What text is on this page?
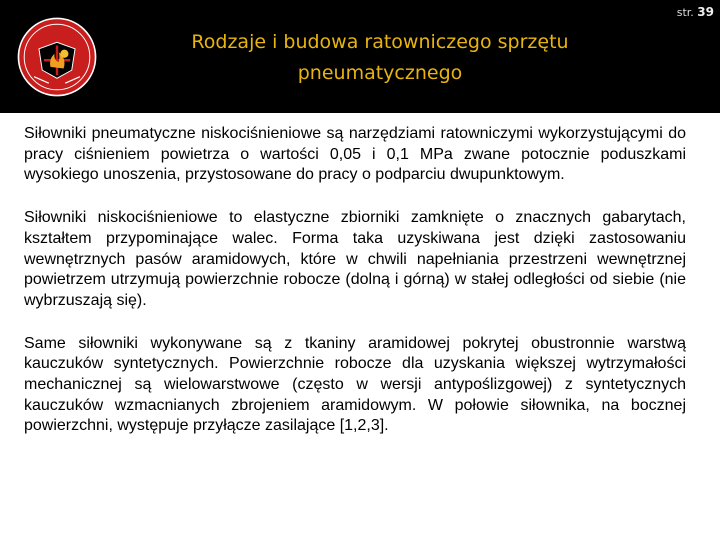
Rodzaje i budowa ratowniczego sprzętu
pneumatycznego
str. 39

Siłowniki pneumatyczne niskociśnieniowe są narzędziami ratowniczymi wykorzystującymi do pracy ciśnieniem powietrza o wartości 0,05 i 0,1 MPa zwane potocznie poduszkami wysokiego unoszenia, przystosowane do pracy o podparciu dwupunktowym.

Siłowniki niskociśnieniowe to elastyczne zbiorniki zamknięte o znacznych gabarytach, kształtem przypominające walec. Forma taka uzyskiwana jest dzięki zastosowaniu wewnętrznych pasów aramidowych, które w chwili napełniania przestrzeni wewnętrznej powietrzem utrzymują powierzchnie robocze (dolną i górną) w stałej odległości od siebie (nie wybrzuszają się).

Same siłowniki wykonywane są z tkaniny aramidowej pokrytej obustronnie warstwą kauczuków syntetycznych. Powierzchnie robocze dla uzyskania większej wytrzymałości mechanicznej są wielowarstwowe (często w wersji antypoślizgowej) z syntetycznych kauczuków wzmacnianych zbrojeniem aramidowym. W połowie siłownika, na bocznej powierzchni, występuje przyłącze zasilające [1,2,3].
